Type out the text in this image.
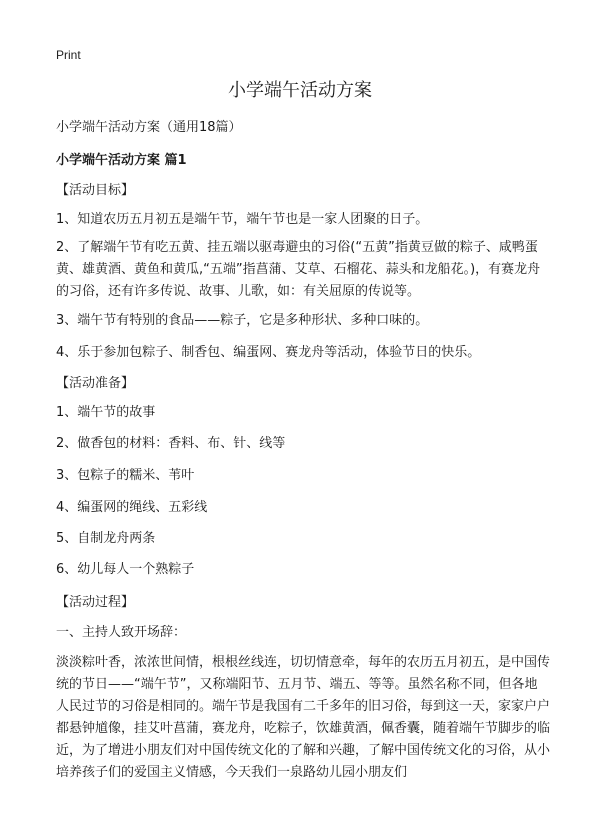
Print
小学端午活动方案
小学端午活动方案（通用18篇）
小学端午活动方案 篇1
【活动目标】
1、知道农历五月初五是端午节，端午节也是一家人团聚的日子。

2、了解端午节有吃五黄、挂五端以驱毒避虫的习俗(“五黄”指黄豆做的粽子、咸鸭蛋黄、雄黄酒、黄鱼和黄瓜,“五端”指菖蒲、艾草、石榴花、蒜头和龙船花。)，有赛龙舟的习俗，还有许多传说、故事、儿歌，如：有关屈原的传说等。

3、端午节有特别的食品——粽子，它是多种形状、多种口味的。
4、乐于参加包粽子、制香包、编蛋网、赛龙舟等活动，体验节日的快乐。
【活动准备】
1、端午节的故事
2、做香包的材料：香料、布、针、线等
3、包粽子的糯米、苇叶
4、编蛋网的绳线、五彩线
5、自制龙舟两条
6、幼儿每人一个熟粽子
【活动过程】
一、主持人致开场辞：

淡淡粽叶香，浓浓世间情，根根丝线连，切切情意牵，每年的农历五月初五，是中国传统的节日——“端午节”，又称端阳节、五月节、端五、等等。虽然名称不同，但各地人民过节的习俗是相同的。端午节是我国有二千多年的旧习俗，每到这一天，家家户户都悬钟馗像，挂艾叶菖蒲，赛龙舟，吃粽子，饮雄黄酒，佩香囊，随着端午节脚步的临近，为了增进小朋友们对中国传统文化的了解和兴趣，了解中国传统文化的习俗，从小培养孩子们的爱国主义情感，今天我们一泉路幼儿园小朋友们
